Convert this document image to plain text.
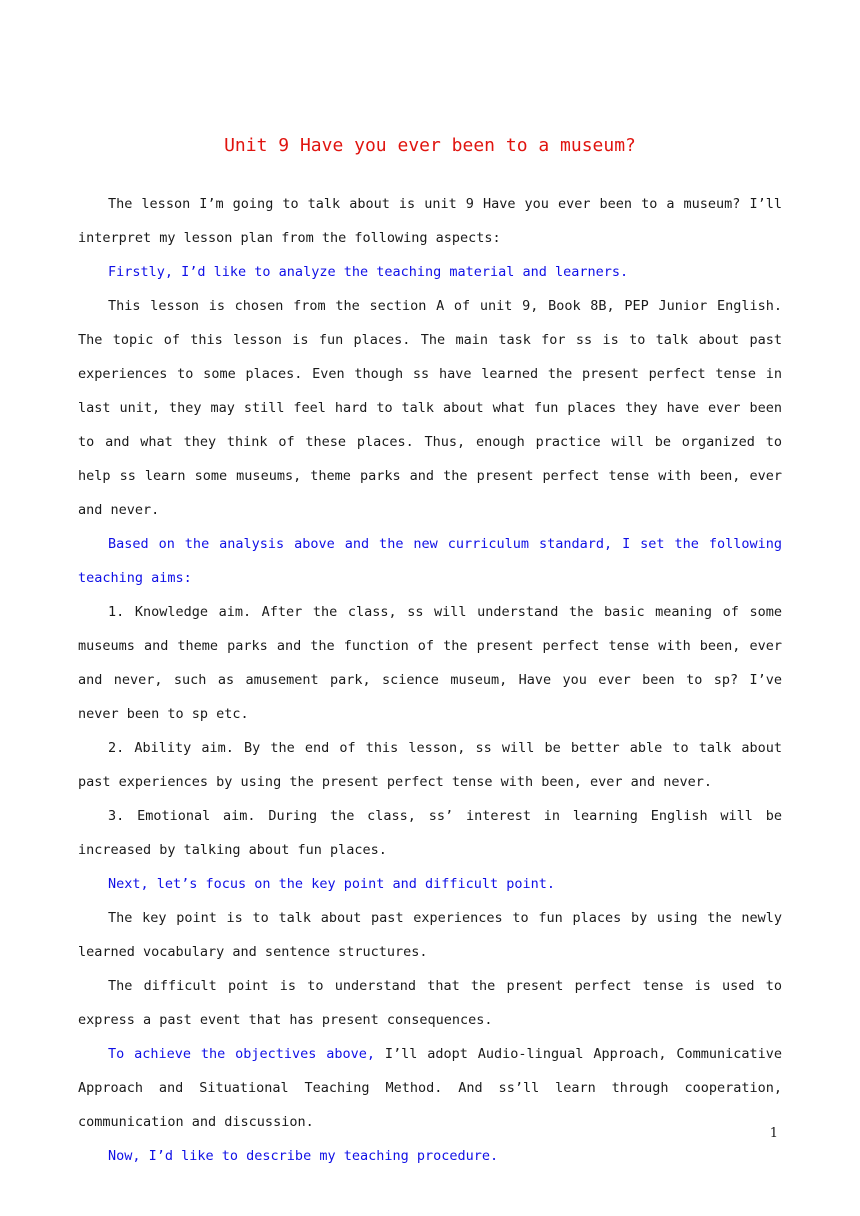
Unit 9 Have you ever been to a museum?

The lesson I’m going to talk about is unit 9 Have you ever been to a museum? I’ll interpret my lesson plan from the following aspects:

Firstly, I’d like to analyze the teaching material and learners.

This lesson is chosen from the section A of unit 9, Book 8B, PEP Junior English. The topic of this lesson is fun places. The main task for ss is to talk about past experiences to some places. Even though ss have learned the present perfect tense in last unit, they may still feel hard to talk about what fun places they have ever been to and what they think of these places. Thus, enough practice will be organized to help ss learn some museums, theme parks and the present perfect tense with been, ever and never.

Based on the analysis above and the new curriculum standard, I set the following teaching aims:

1. Knowledge aim. After the class, ss will understand the basic meaning of some museums and theme parks and the function of the present perfect tense with been, ever and never, such as amusement park, science museum, Have you ever been to sp? I’ve never been to sp etc.

2. Ability aim. By the end of this lesson, ss will be better able to talk about past experiences by using the present perfect tense with been, ever and never.

3. Emotional aim. During the class, ss’ interest in learning English will be increased by talking about fun places.

Next, let’s focus on the key point and difficult point.

The key point is to talk about past experiences to fun places by using the newly learned vocabulary and sentence structures.

The difficult point is to understand that the present perfect tense is used to express a past event that has present consequences.

To achieve the objectives above, I’ll adopt Audio-lingual Approach, Communicative Approach and Situational Teaching Method. And ss’ll learn through cooperation, communication and discussion.

Now, I’d like to describe my teaching procedure.

1
